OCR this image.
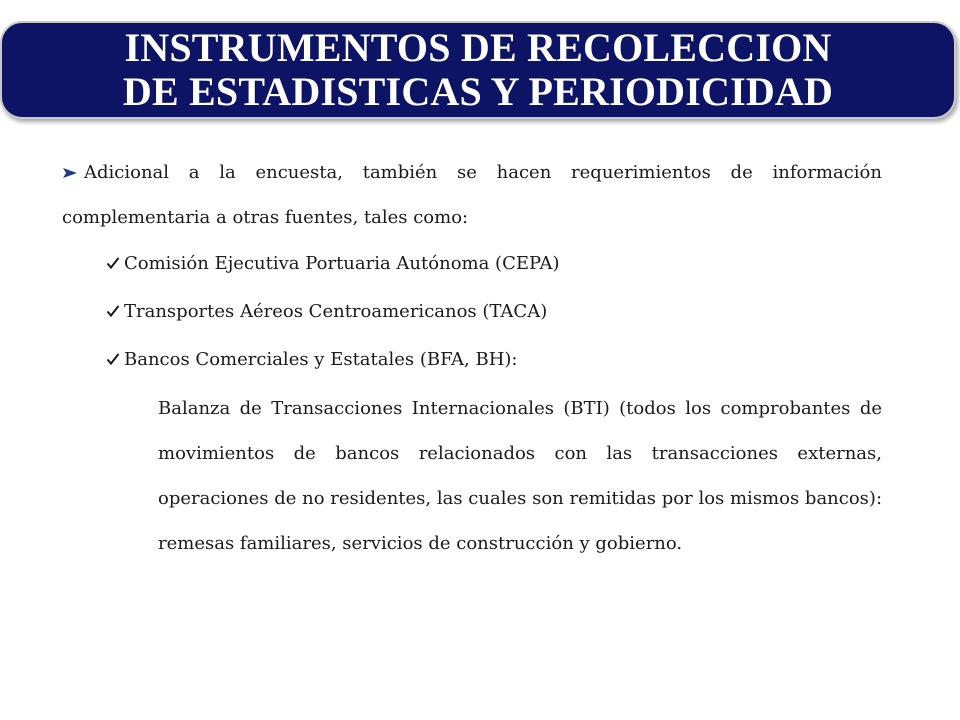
INSTRUMENTOS DE RECOLECCION
DE ESTADISTICAS Y PERIODICIDAD

Adicional a la encuesta, también se hacen requerimientos de información complementaria a otras fuentes, tales como:

Comisión Ejecutiva Portuaria Autónoma (CEPA)
Transportes Aéreos Centroamericanos (TACA)
Bancos Comerciales y Estatales (BFA, BH):

Balanza de Transacciones Internacionales (BTI) (todos los comprobantes de movimientos de bancos relacionados con las transacciones externas, operaciones de no residentes, las cuales son remitidas por los mismos bancos): remesas familiares, servicios de construcción y gobierno.
